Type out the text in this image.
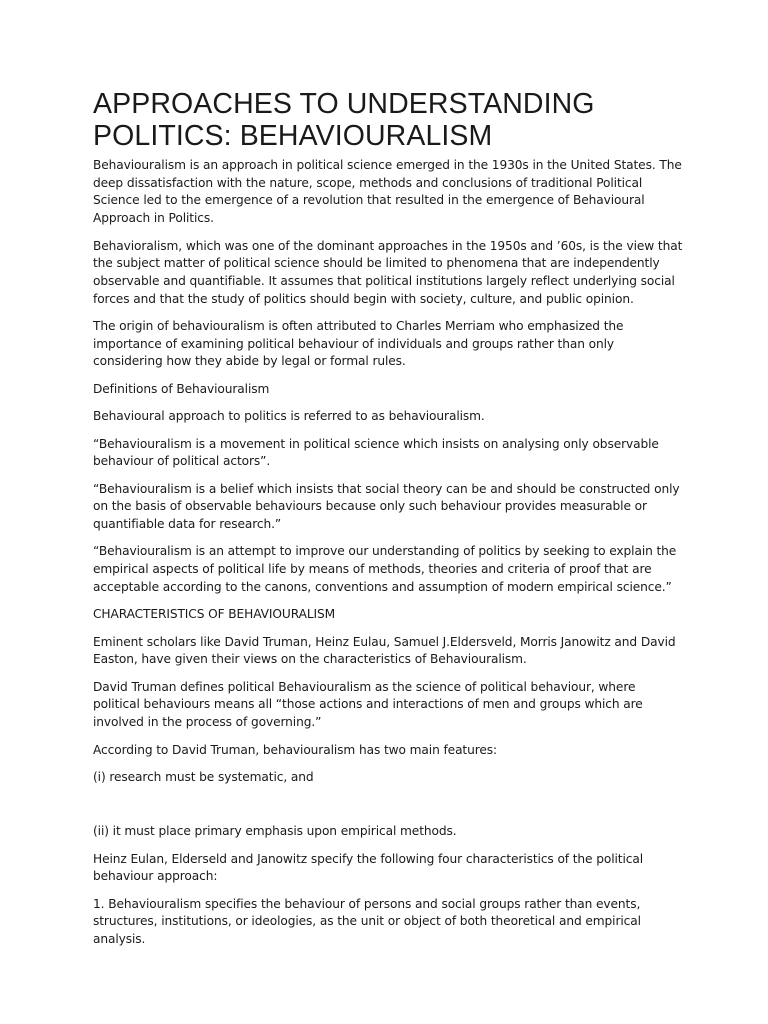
APPROACHES TO UNDERSTANDING POLITICS: BEHAVIOURALISM

Behaviouralism is an approach in political science emerged in the 1930s in the United States. The deep dissatisfaction with the nature, scope, methods and conclusions of traditional Political Science led to the emergence of a revolution that resulted in the emergence of Behavioural Approach in Politics.

Behavioralism, which was one of the dominant approaches in the 1950s and ’60s, is the view that the subject matter of political science should be limited to phenomena that are independently observable and quantifiable. It assumes that political institutions largely reflect underlying social forces and that the study of politics should begin with society, culture, and public opinion.

The origin of behaviouralism is often attributed to Charles Merriam who emphasized the importance of examining political behaviour of individuals and groups rather than only considering how they abide by legal or formal rules.

Definitions of Behaviouralism

Behavioural approach to politics is referred to as behaviouralism.

“Behaviouralism is a movement in political science which insists on analysing only observable behaviour of political actors”.

“Behaviouralism is a belief which insists that social theory can be and should be constructed only on the basis of observable behaviours because only such behaviour provides measurable or quantifiable data for research.”

“Behaviouralism is an attempt to improve our understanding of politics by seeking to explain the empirical aspects of political life by means of methods, theories and criteria of proof that are acceptable according to the canons, conventions and assumption of modern empirical science.”

CHARACTERISTICS OF BEHAVIOURALISM

Eminent scholars like David Truman, Heinz Eulau, Samuel J.Eldersveld, Morris Janowitz and David Easton, have given their views on the characteristics of Behaviouralism.

David Truman defines political Behaviouralism as the science of political behaviour, where political behaviours means all “those actions and interactions of men and groups which are involved in the process of governing.”

According to David Truman, behaviouralism has two main features:

(i) research must be systematic, and

(ii) it must place primary emphasis upon empirical methods.

Heinz Eulan, Elderseld and Janowitz specify the following four characteristics of the political behaviour approach:

1. Behaviouralism specifies the behaviour of persons and social groups rather than events, structures, institutions, or ideologies, as the unit or object of both theoretical and empirical analysis.
